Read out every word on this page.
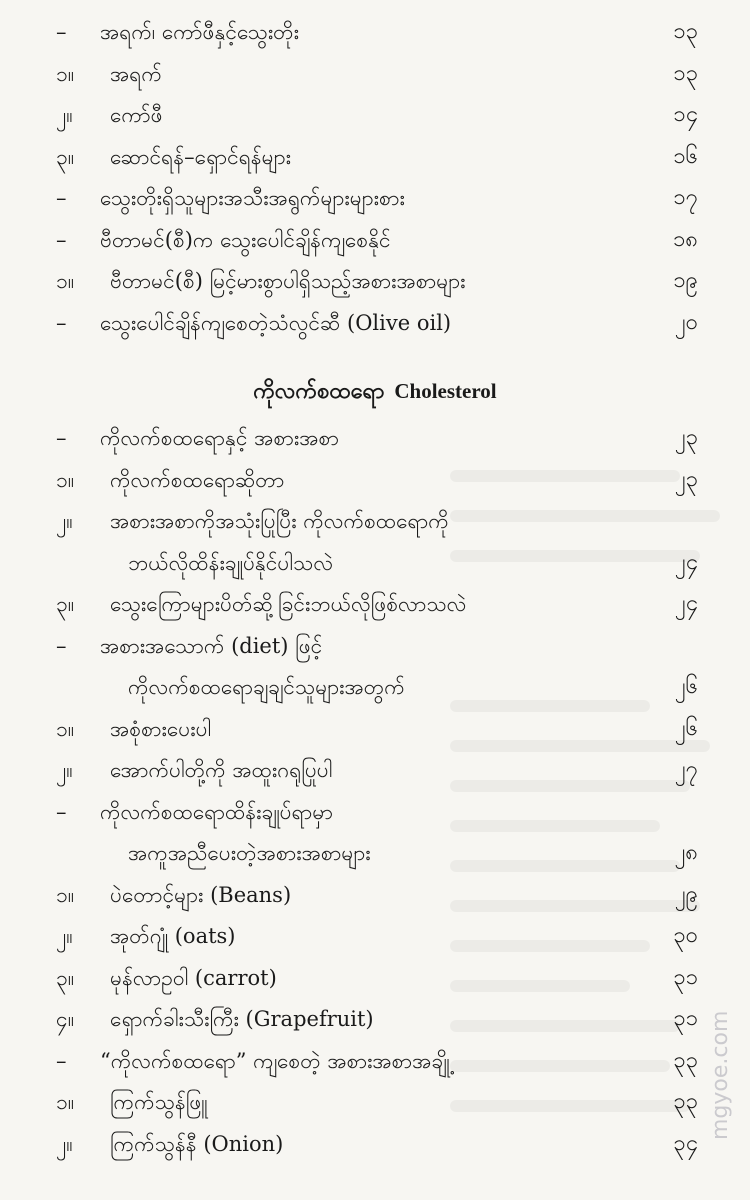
– အရက်၊ ကော်ဖီနှင့်သွေးတိုး	၁၃
၁။ အရက်	၁၃
၂။ ကော်ဖီ	၁၄
၃။ ဆောင်ရန်–ရှောင်ရန်များ	၁၆
– သွေးတိုးရှိသူများအသီးအရွက်များများစား	၁၇
– ဗီတာမင်(စီ)က သွေးပေါင်ချိန်ကျစေနိုင်	၁၈
၁။ ဗီတာမင်(စီ) မြင့်မားစွာပါရှိသည့်အစားအစာများ	၁၉
– သွေးပေါင်ချိန်ကျစေတဲ့သံလွင်ဆီ (Olive oil)	၂၀
ကိုလက်စထရော Cholesterol
– ကိုလက်စထရောနှင့် အစားအစာ	၂၃
၁။ ကိုလက်စထရောဆိုတာ	၂၃
၂။ အစားအစာကိုအသုံးပြုပြီး ကိုလက်စထရောကို
ဘယ်လိုထိန်းချုပ်နိုင်ပါသလဲ	၂၄
၃။ သွေးကြောများပိတ်ဆို့ခြင်းဘယ်လိုဖြစ်လာသလဲ	၂၄
– အစားအသောက် (diet) ဖြင့်
ကိုလက်စထရောချချင်သူများအတွက်	၂၆
၁။ အစုံစားပေးပါ	၂၆
၂။ အောက်ပါတို့ကို အထူးဂရုပြုပါ	၂၇
– ကိုလက်စထရောထိန်းချုပ်ရာမှာ
အကူအညီပေးတဲ့အစားအစာများ	၂၈
၁။ ပဲတောင့်များ (Beans)	၂၉
၂။ အုတ်ဂျုံ (oats)	၃၀
၃။ မုန်လာဥဝါ (carrot)	၃၁
၄။ ရှောက်ခါးသီးကြီး (Grapefruit)	၃၁
– “ကိုလက်စထရော” ကျစေတဲ့ အစားအစာအချို့	၃၃
၁။ ကြက်သွန်ဖြူ	၃၃
၂။ ကြက်သွန်နီ (Onion)	၃၄
mgyoe.com
